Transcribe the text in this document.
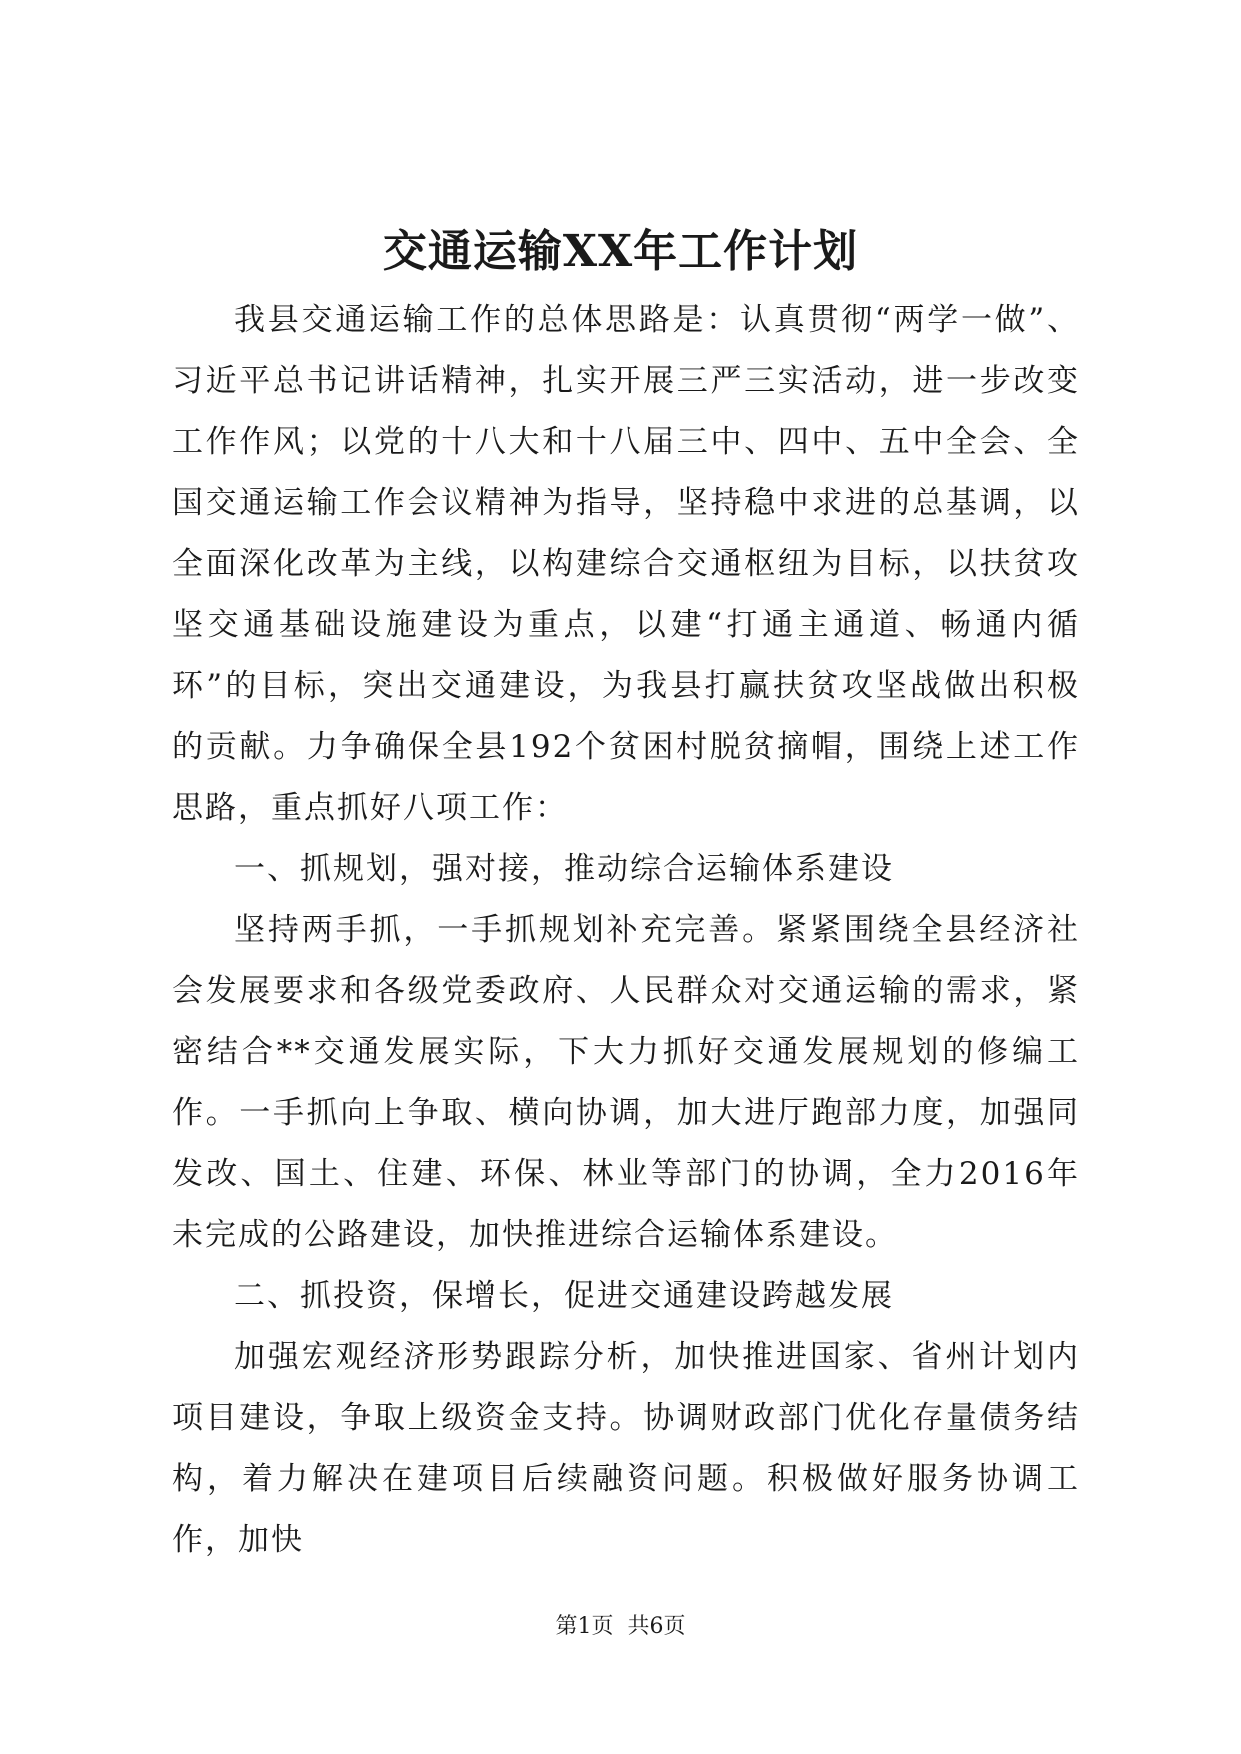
交通运输XX年工作计划

我县交通运输工作的总体思路是：认真贯彻“两学一做”、习近平总书记讲话精神，扎实开展三严三实活动，进一步改变工作作风；以党的十八大和十八届三中、四中、五中全会、全国交通运输工作会议精神为指导，坚持稳中求进的总基调，以全面深化改革为主线，以构建综合交通枢纽为目标，以扶贫攻坚交通基础设施建设为重点，以建“打通主通道、畅通内循环”的目标，突出交通建设，为我县打赢扶贫攻坚战做出积极的贡献。力争确保全县192个贫困村脱贫摘帽，围绕上述工作思路，重点抓好八项工作：

一、抓规划，强对接，推动综合运输体系建设

坚持两手抓，一手抓规划补充完善。紧紧围绕全县经济社会发展要求和各级党委政府、人民群众对交通运输的需求，紧密结合**交通发展实际，下大力抓好交通发展规划的修编工作。一手抓向上争取、横向协调，加大进厅跑部力度，加强同发改、国土、住建、环保、林业等部门的协调，全力2016年未完成的公路建设，加快推进综合运输体系建设。

二、抓投资，保增长，促进交通建设跨越发展

加强宏观经济形势跟踪分析，加快推进国家、省州计划内项目建设，争取上级资金支持。协调财政部门优化存量债务结构，着力解决在建项目后续融资问题。积极做好服务协调工作，加快

第1页 共6页
